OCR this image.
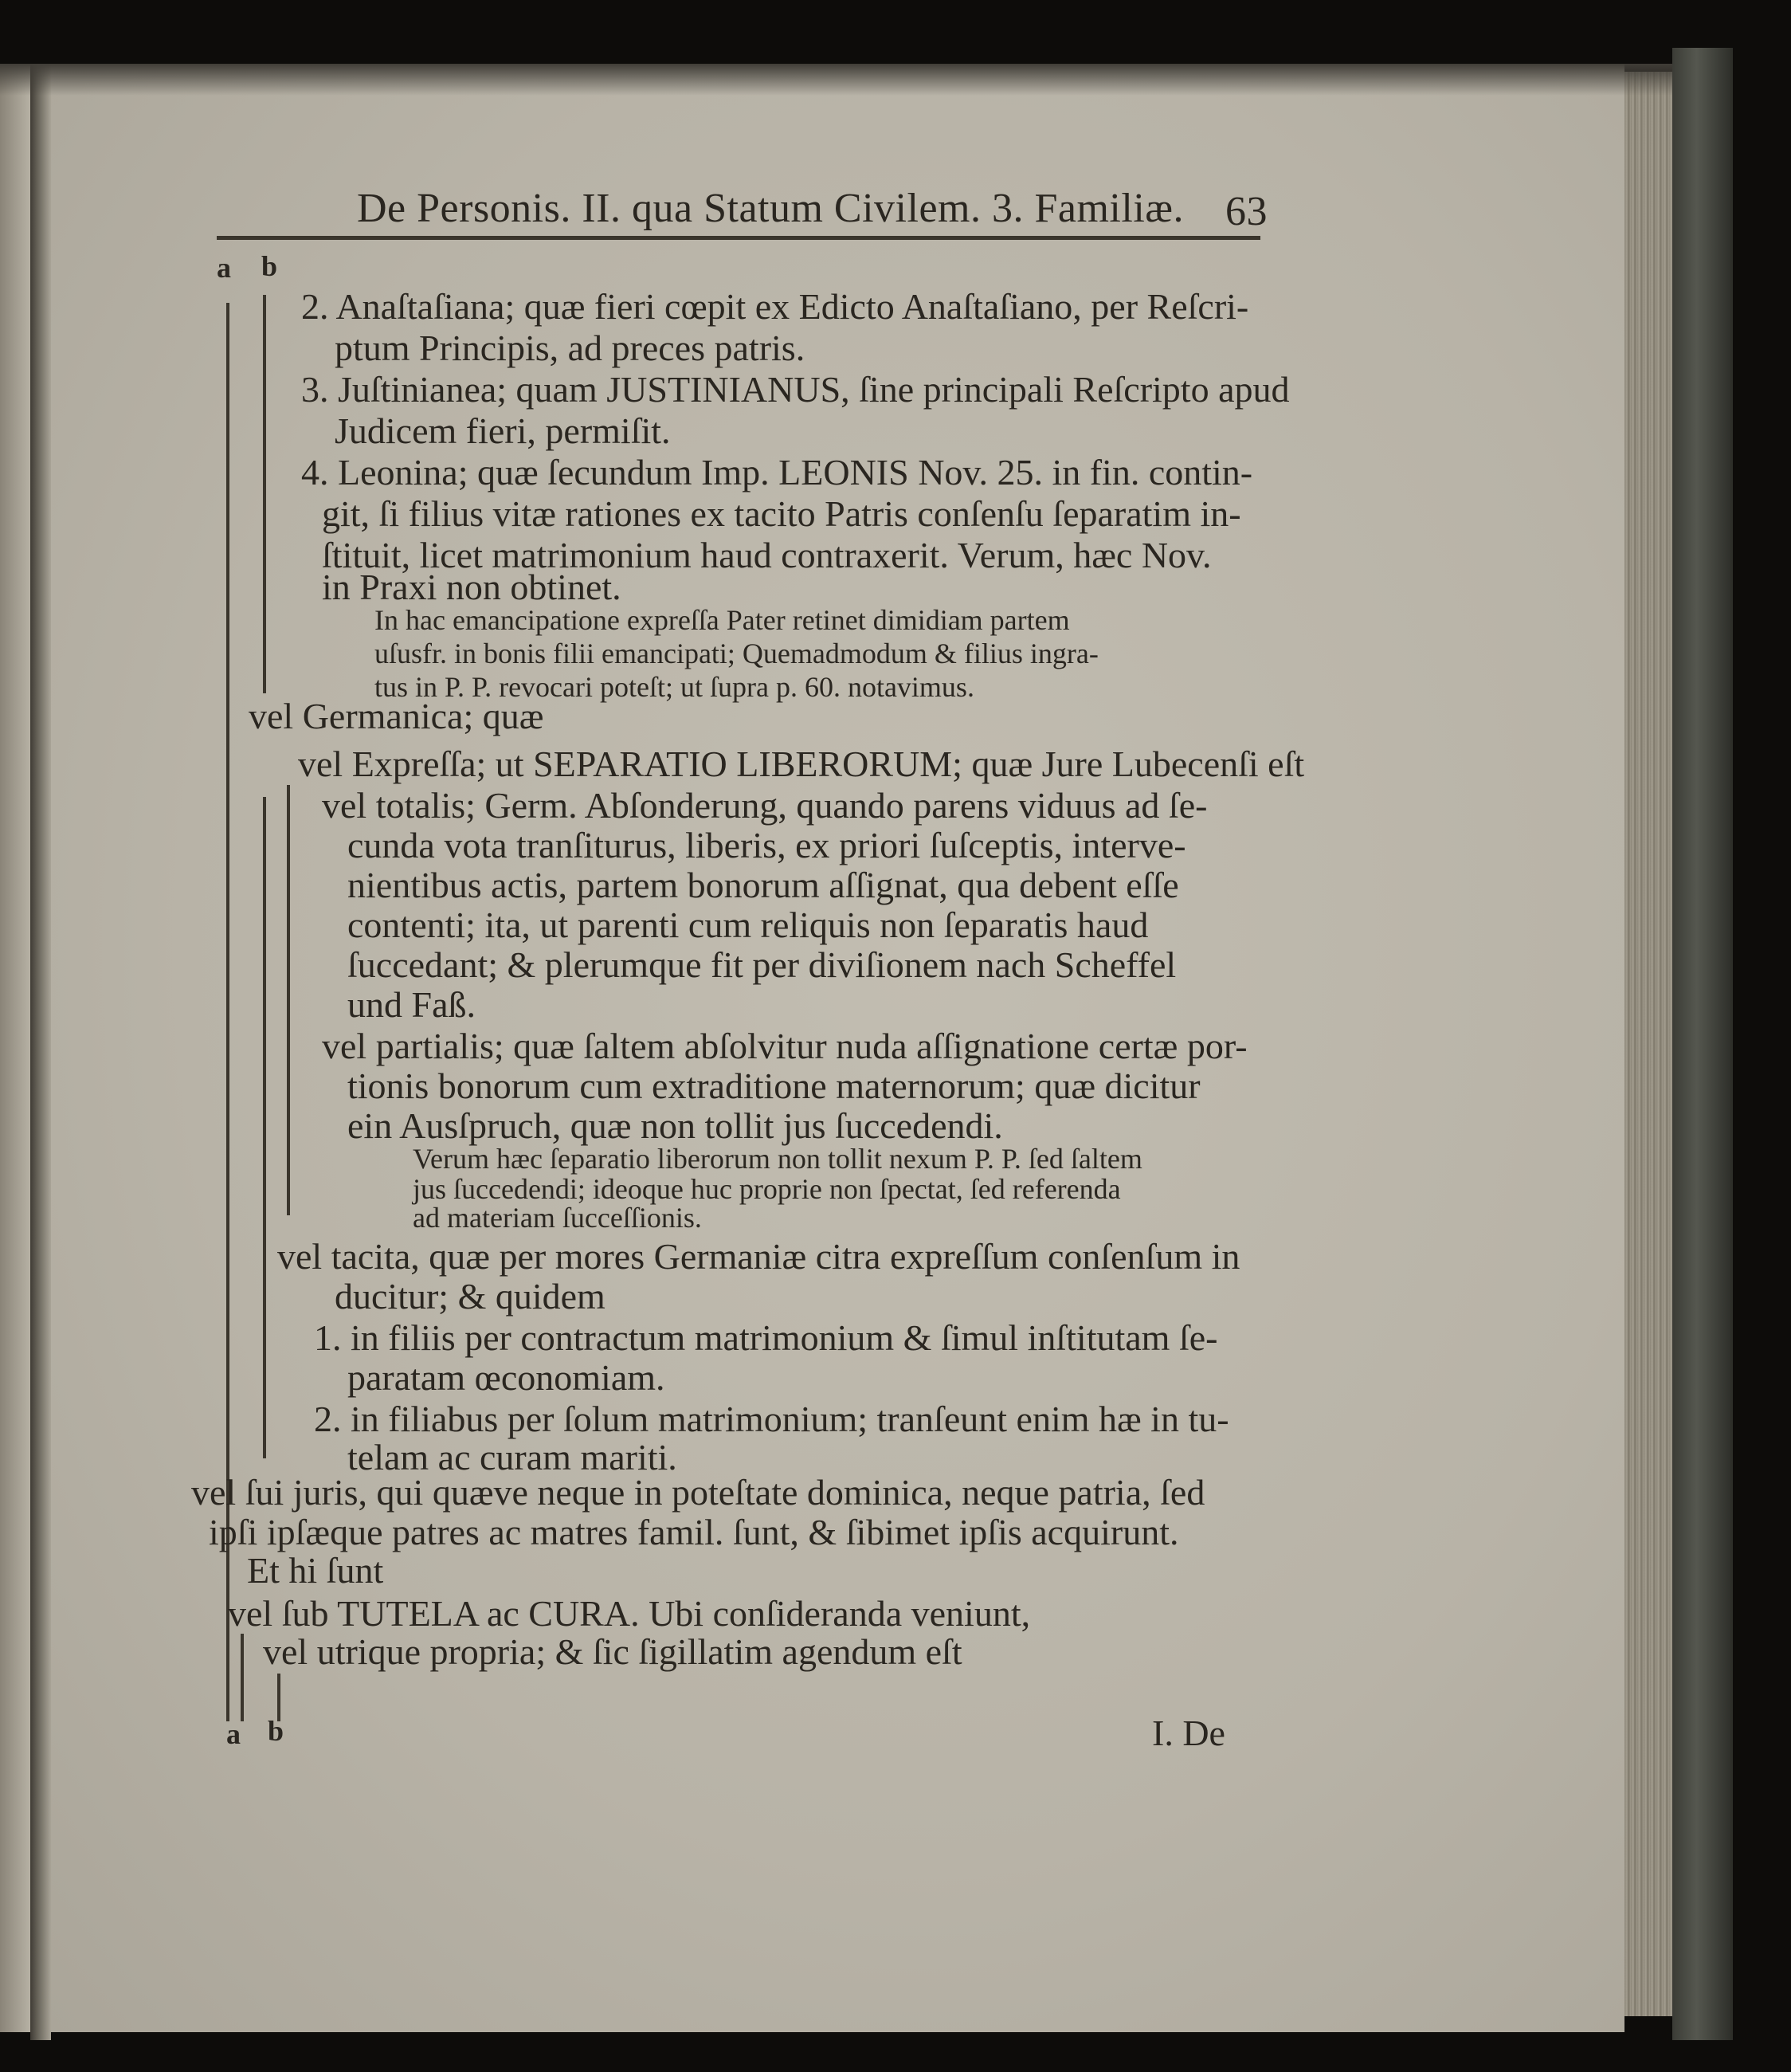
De Personis. II. qua Statum Civilem. 3. Familiæ. 63
a b
2. Anaſtaſiana; quæ fieri cœpit ex Edicto Anaſtaſiano, per Reſcri-
ptum Principis, ad preces patris.
3. Juſtinianea; quam JUSTINIANUS, ſine principali Reſcripto apud
Judicem fieri, permiſit.
4. Leonina; quæ ſecundum Imp. LEONIS Nov. 25. in fin. contin-
git, ſi filius vitæ rationes ex tacito Patris conſenſu ſeparatim in-
ſtituit, licet matrimonium haud contraxerit. Verum, hæc Nov.
in Praxi non obtinet.
In hac emancipatione expreſſa Pater retinet dimidiam partem
uſusfr. in bonis filii emancipati; Quemadmodum & filius ingra-
tus in P. P. revocari poteſt; ut ſupra p. 60. notavimus.
vel Germanica; quæ
vel Expreſſa; ut SEPARATIO LIBERORUM; quæ Jure Lubecenſi eſt
vel totalis; Germ. Abſonderung, quando parens viduus ad ſe-
cunda vota tranſiturus, liberis, ex priori ſuſceptis, interve-
nientibus actis, partem bonorum aſſignat, qua debent eſſe
contenti; ita, ut parenti cum reliquis non ſeparatis haud
ſuccedant; & plerumque fit per diviſionem nach Scheffel
und Faß.
vel partialis; quæ ſaltem abſolvitur nuda aſſignatione certæ por-
tionis bonorum cum extraditione maternorum; quæ dicitur
ein Ausſpruch, quæ non tollit jus ſuccedendi.
Verum hæc ſeparatio liberorum non tollit nexum P. P. ſed ſaltem
jus ſuccedendi; ideoque huc proprie non ſpectat, ſed referenda
ad materiam ſucceſſionis.
vel tacita, quæ per mores Germaniæ citra expreſſum conſenſum in
ducitur; & quidem
1. in filiis per contractum matrimonium & ſimul inſtitutam ſe-
paratam œconomiam.
2. in filiabus per ſolum matrimonium; tranſeunt enim hæ in tu-
telam ac curam mariti.
vel ſui juris, qui quæve neque in poteſtate dominica, neque patria, ſed
ipſi ipſæque patres ac matres famil. ſunt, & ſibimet ipſis acquirunt.
Et hi ſunt
vel ſub TUTELA ac CURA. Ubi conſideranda veniunt,
vel utrique propria; & ſic ſigillatim agendum eſt
a b	I. De
